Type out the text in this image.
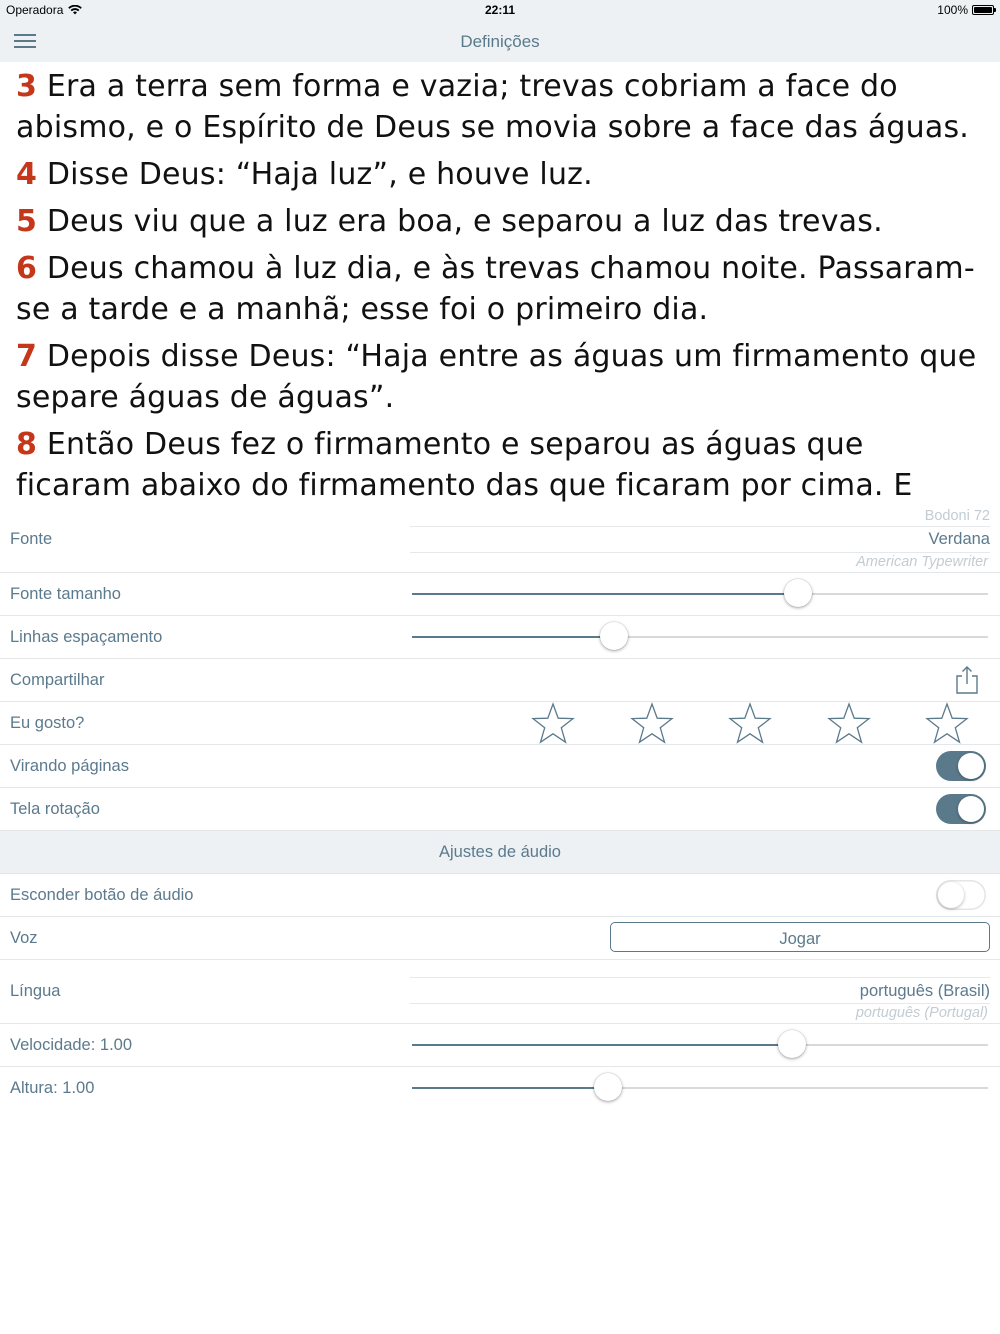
Operadora	22:11	100%
Definições

3 Era a terra sem forma e vazia; trevas cobriam a face do abismo, e o Espírito de Deus se movia sobre a face das águas.

4 Disse Deus: “Haja luz”, e houve luz.

5 Deus viu que a luz era boa, e separou a luz das trevas.

6 Deus chamou à luz dia, e às trevas chamou noite. Passaram-se a tarde e a manhã; esse foi o primeiro dia.

7 Depois disse Deus: “Haja entre as águas um firmamento que separe águas de águas”.

8 Então Deus fez o firmamento e separou as águas que ficaram abaixo do firmamento das que ficaram por cima. E

Fonte
Bodoni 72
Verdana
American Typewriter
Fonte tamanho
Linhas espaçamento
Compartilhar
Eu gosto?
Virando páginas
Tela rotação
Ajustes de áudio
Esconder botão de áudio
Voz	Jogar
Língua	português (Brasil)
português (Portugal)
Velocidade: 1.00
Altura: 1.00
